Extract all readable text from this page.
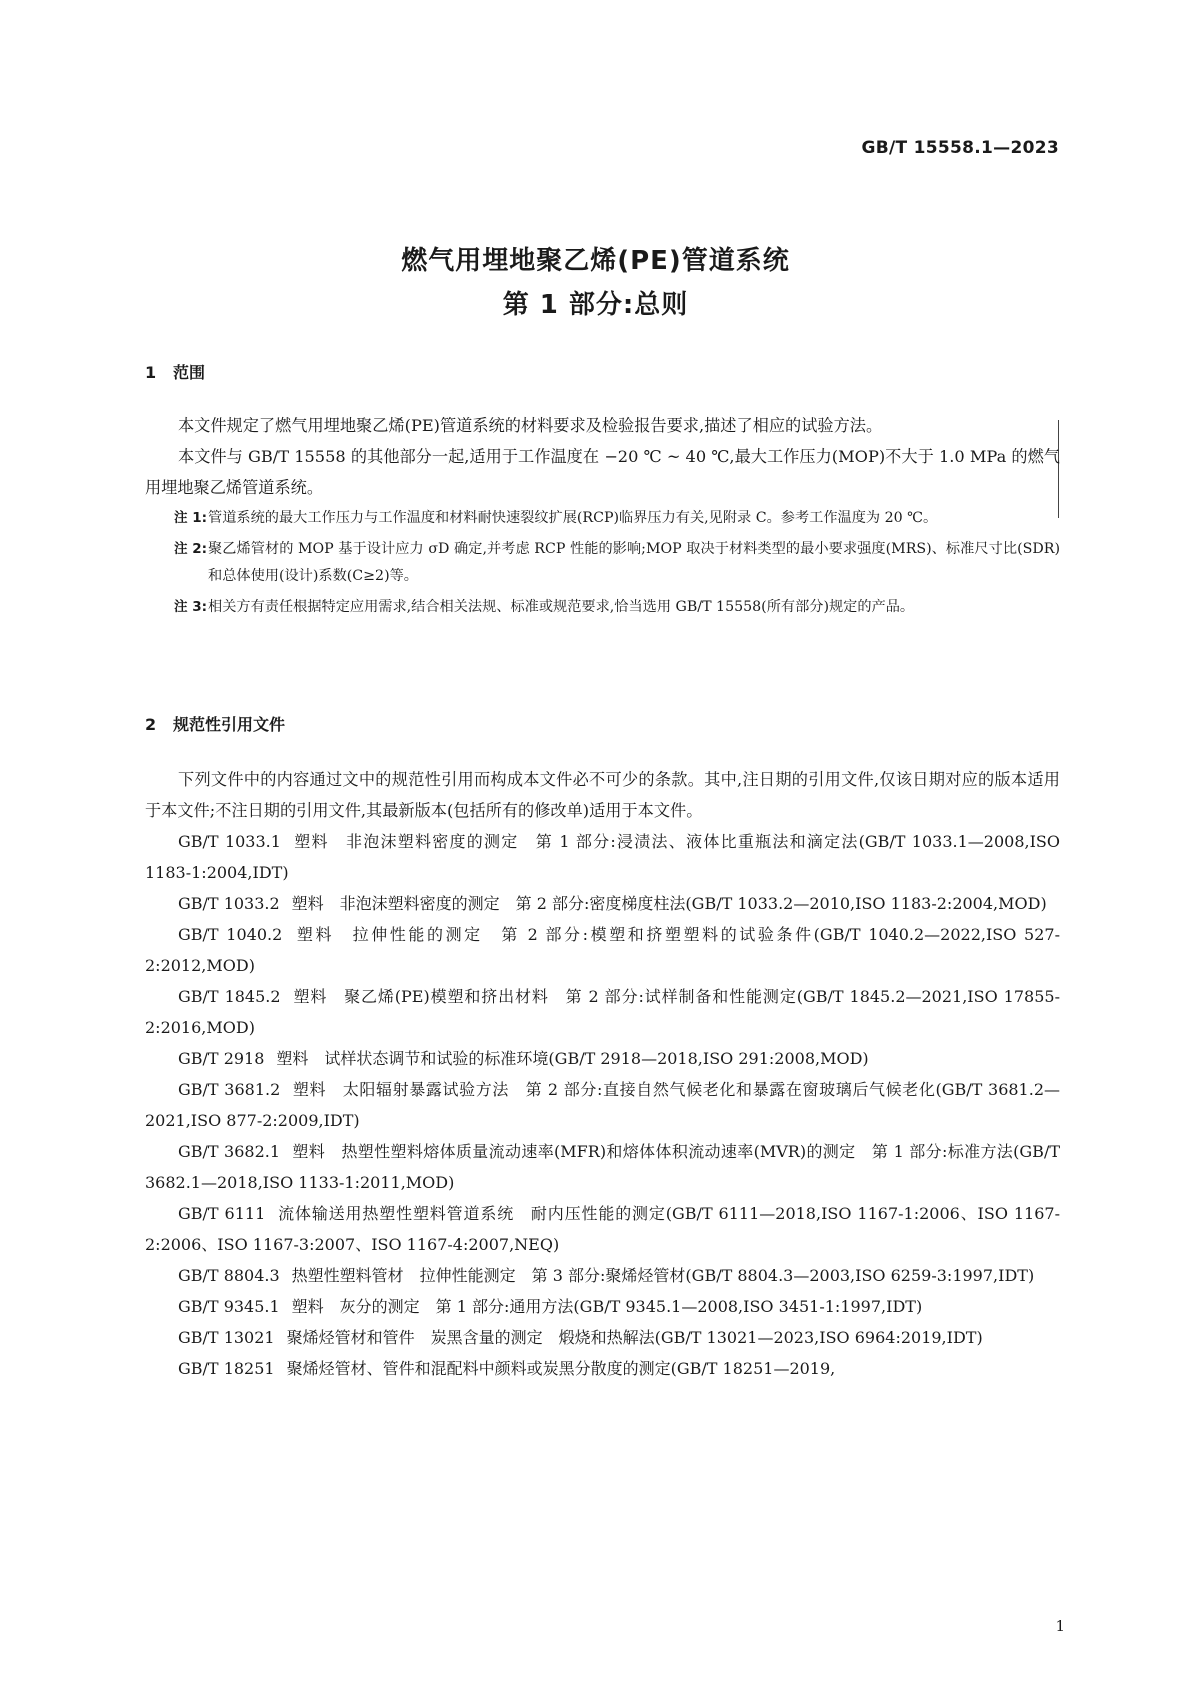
GB/T 15558.1—2023
燃气用埋地聚乙烯(PE)管道系统
第 1 部分:总则
1 范围

本文件规定了燃气用埋地聚乙烯(PE)管道系统的材料要求及检验报告要求,描述了相应的试验方法。

本文件与 GB/T 15558 的其他部分一起,适用于工作温度在 −20 ℃ ~ 40 ℃,最大工作压力(MOP)不大于 1.0 MPa 的燃气用埋地聚乙烯管道系统。

注 1: 管道系统的最大工作压力与工作温度和材料耐快速裂纹扩展(RCP)临界压力有关,见附录 C。参考工作温度为 20 ℃。
注 2: 聚乙烯管材的 MOP 基于设计应力 σD 确定,并考虑 RCP 性能的影响;MOP 取决于材料类型的最小要求强度(MRS)、标准尺寸比(SDR)和总体使用(设计)系数(C≥2)等。
注 3: 相关方有责任根据特定应用需求,结合相关法规、标准或规范要求,恰当选用 GB/T 15558(所有部分)规定的产品。
2 规范性引用文件

下列文件中的内容通过文中的规范性引用而构成本文件必不可少的条款。其中,注日期的引用文件,仅该日期对应的版本适用于本文件;不注日期的引用文件,其最新版本(包括所有的修改单)适用于本文件。

GB/T 1033.1 塑料　非泡沫塑料密度的测定　第 1 部分:浸渍法、液体比重瓶法和滴定法(GB/T 1033.1—2008,ISO 1183-1:2004,IDT)

GB/T 1033.2 塑料　非泡沫塑料密度的测定　第 2 部分:密度梯度柱法(GB/T 1033.2—2010,ISO 1183-2:2004,MOD)

GB/T 1040.2 塑料　拉伸性能的测定　第 2 部分:模塑和挤塑塑料的试验条件(GB/T 1040.2—2022,ISO 527-2:2012,MOD)

GB/T 1845.2 塑料　聚乙烯(PE)模塑和挤出材料　第 2 部分:试样制备和性能测定(GB/T 1845.2—2021,ISO 17855-2:2016,MOD)

GB/T 2918 塑料　试样状态调节和试验的标准环境(GB/T 2918—2018,ISO 291:2008,MOD)

GB/T 3681.2 塑料　太阳辐射暴露试验方法　第 2 部分:直接自然气候老化和暴露在窗玻璃后气候老化(GB/T 3681.2—2021,ISO 877-2:2009,IDT)

GB/T 3682.1 塑料　热塑性塑料熔体质量流动速率(MFR)和熔体体积流动速率(MVR)的测定　第 1 部分:标准方法(GB/T 3682.1—2018,ISO 1133-1:2011,MOD)

GB/T 6111 流体输送用热塑性塑料管道系统　耐内压性能的测定(GB/T 6111—2018,ISO 1167-1:2006、ISO 1167-2:2006、ISO 1167-3:2007、ISO 1167-4:2007,NEQ)

GB/T 8804.3 热塑性塑料管材　拉伸性能测定　第 3 部分:聚烯烃管材(GB/T 8804.3—2003,ISO 6259-3:1997,IDT)

GB/T 9345.1 塑料　灰分的测定　第 1 部分:通用方法(GB/T 9345.1—2008,ISO 3451-1:1997,IDT)

GB/T 13021 聚烯烃管材和管件　炭黑含量的测定　煅烧和热解法(GB/T 13021—2023,ISO 6964:2019,IDT)

GB/T 18251 聚烯烃管材、管件和混配料中颜料或炭黑分散度的测定(GB/T 18251—2019,

1
